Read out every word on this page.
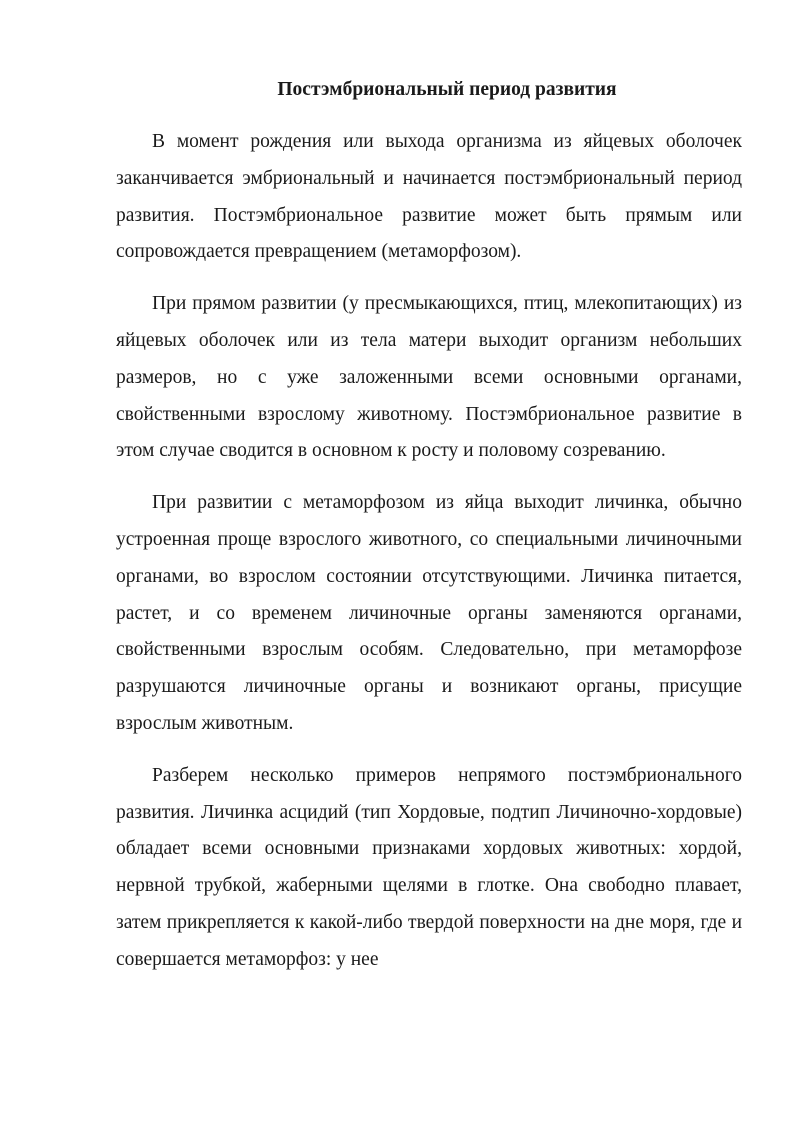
Постэмбриональный период развития

В момент рождения или выхода организма из яйцевых оболочек заканчивается эмбриональный и начинается постэмбриональный период развития. Постэмбриональное развитие может быть прямым или сопровождается превращением (метаморфозом).

При прямом развитии (у пресмыкающихся, птиц, млекопитающих) из яйцевых оболочек или из тела матери выходит организм небольших размеров, но с уже заложенными всеми основными органами, свойственными взрослому животному. Постэмбриональное развитие в этом случае сводится в основном к росту и половому созреванию.

При развитии с метаморфозом из яйца выходит личинка, обычно устроенная проще взрослого животного, со специальными личиночными органами, во взрослом состоянии отсутствующими. Личинка питается, растет, и со временем личиночные органы заменяются органами, свойственными взрослым особям. Следовательно, при метаморфозе разрушаются личиночные органы и возникают органы, присущие взрослым животным.

Разберем несколько примеров непрямого постэмбрионального развития. Личинка асцидий (тип Хордовые, подтип Личиночно-хордовые) обладает всеми основными признаками хордовых животных: хордой, нервной трубкой, жаберными щелями в глотке. Она свободно плавает, затем прикрепляется к какой-либо твердой поверхности на дне моря, где и совершается метаморфоз: у нее
